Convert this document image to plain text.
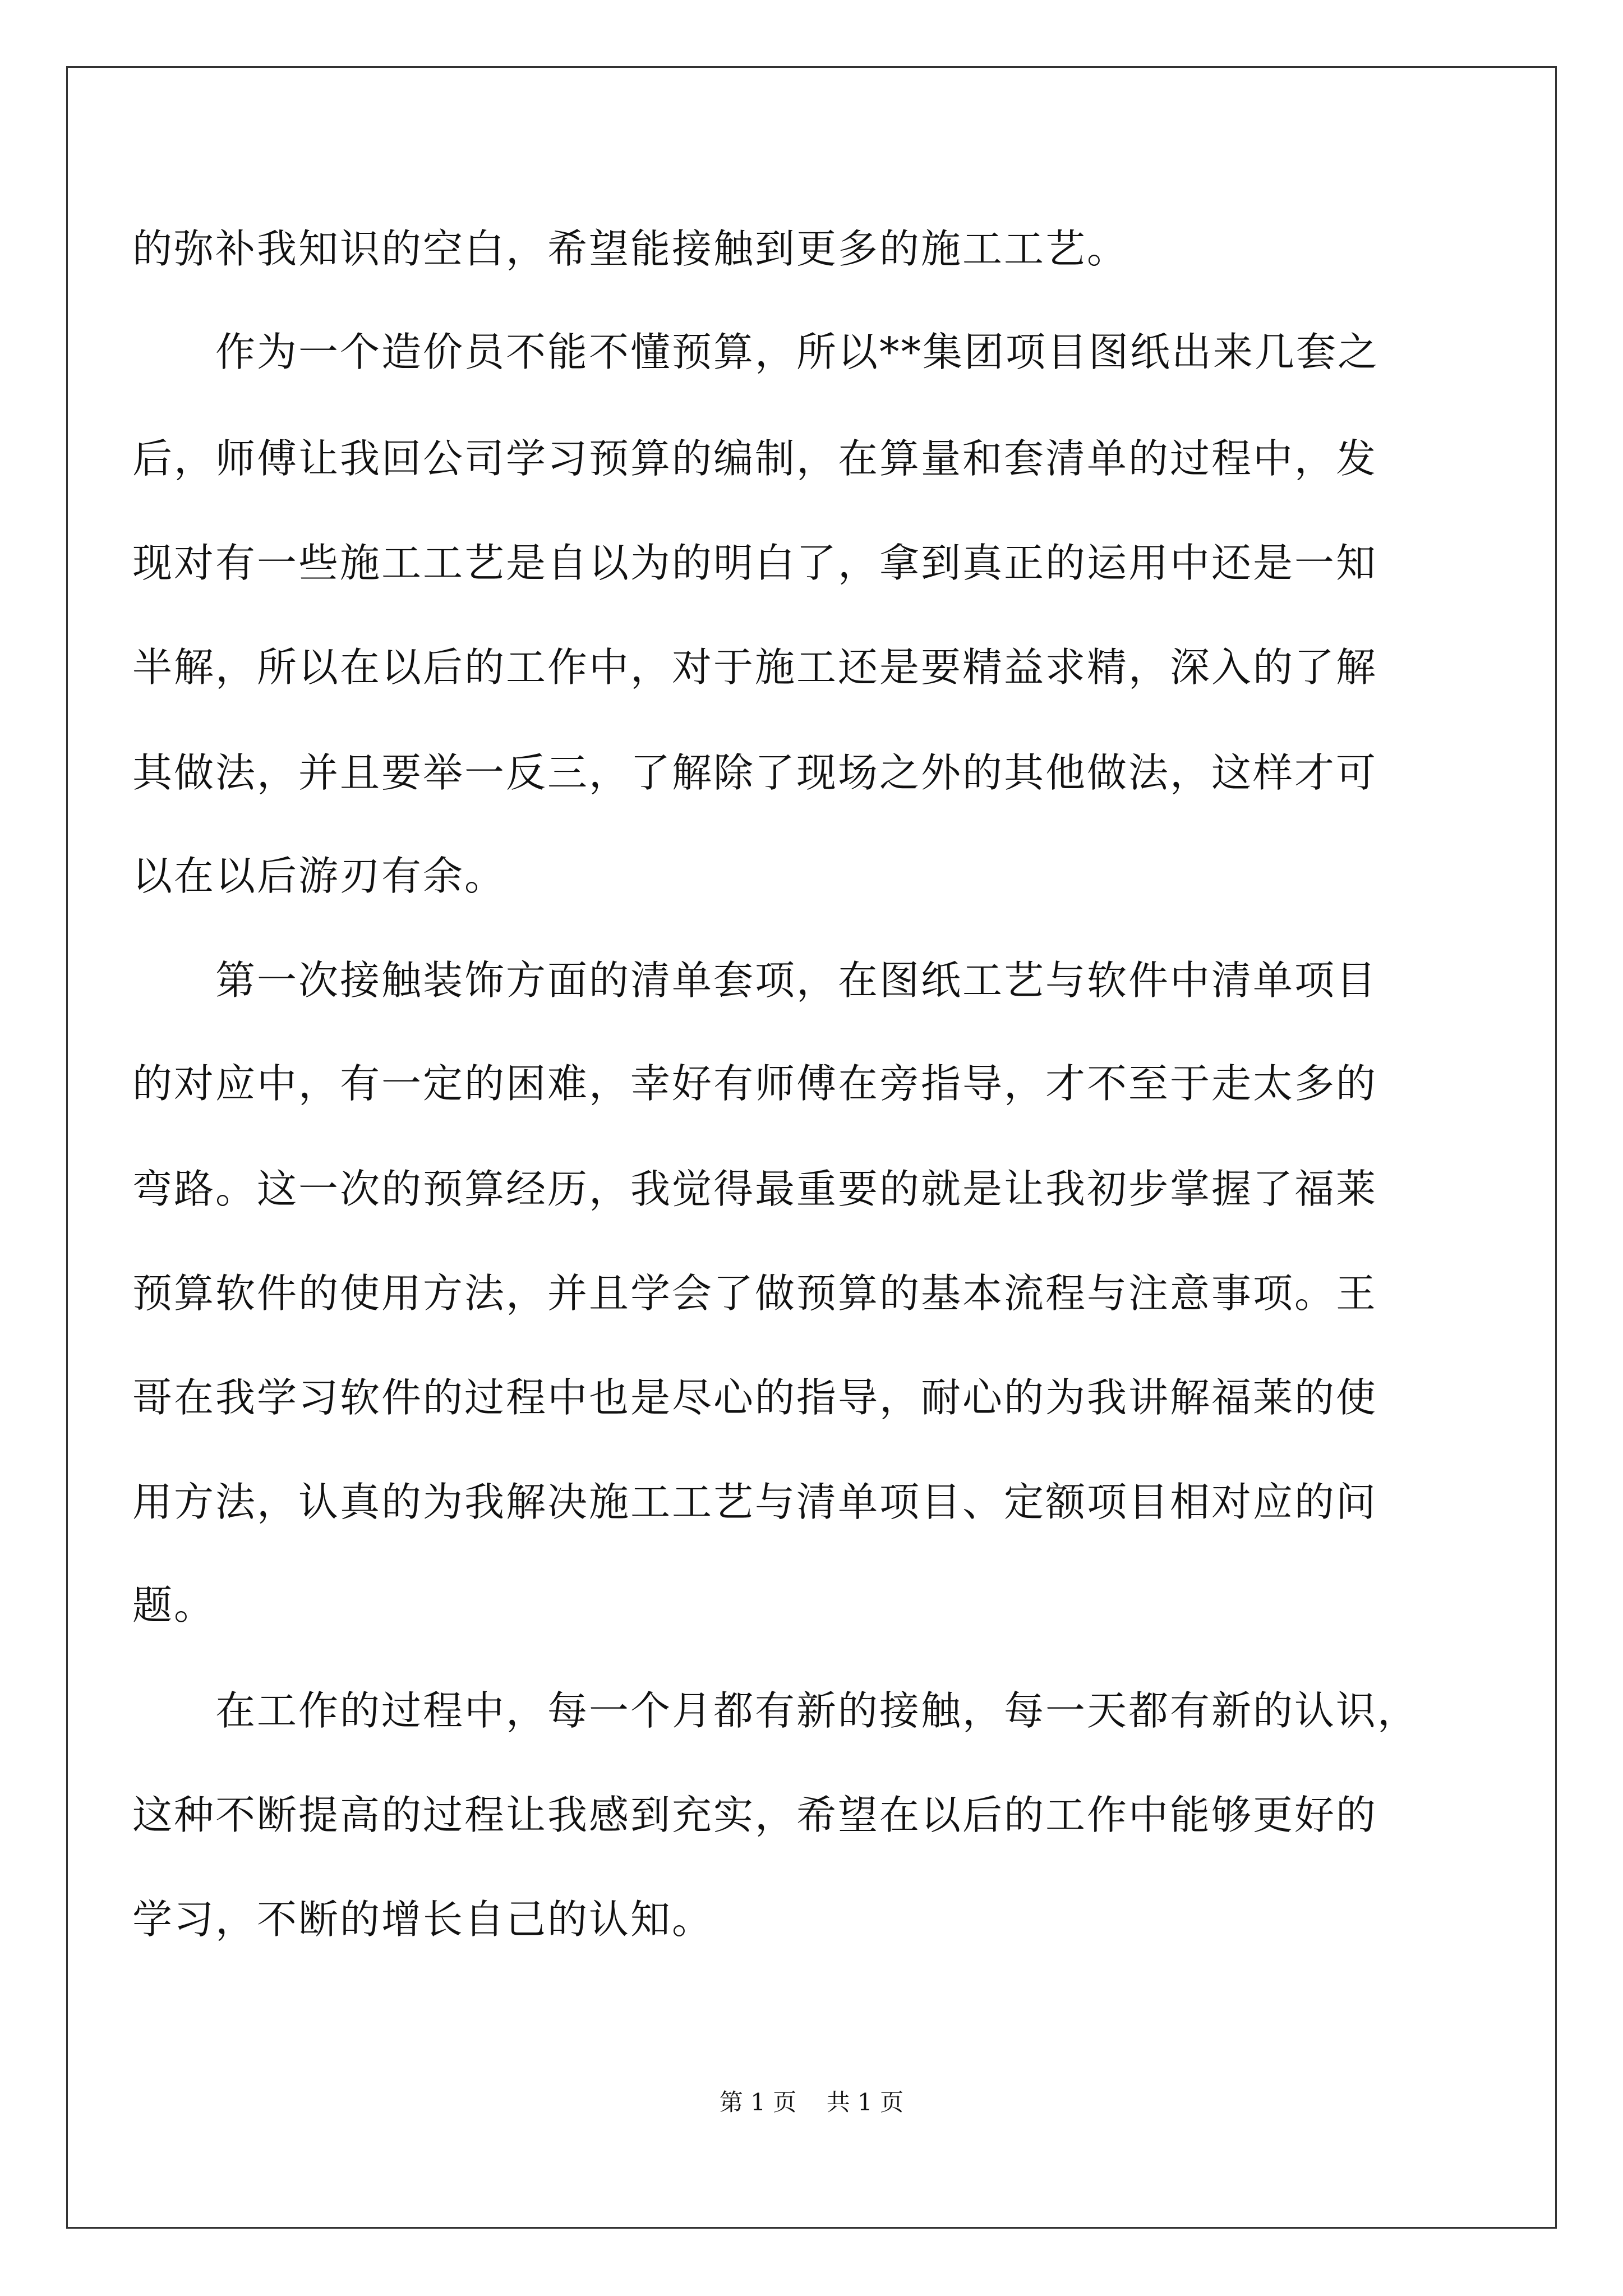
的弥补我知识的空白，希望能接触到更多的施工工艺。
作为一个造价员不能不懂预算，所以**集团项目图纸出来几套之
后，师傅让我回公司学习预算的编制，在算量和套清单的过程中，发
现对有一些施工工艺是自以为的明白了，拿到真正的运用中还是一知
半解，所以在以后的工作中，对于施工还是要精益求精，深入的了解
其做法，并且要举一反三，了解除了现场之外的其他做法，这样才可
以在以后游刃有余。
第一次接触装饰方面的清单套项，在图纸工艺与软件中清单项目
的对应中，有一定的困难，幸好有师傅在旁指导，才不至于走太多的
弯路。这一次的预算经历，我觉得最重要的就是让我初步掌握了福莱
预算软件的使用方法，并且学会了做预算的基本流程与注意事项。王
哥在我学习软件的过程中也是尽心的指导，耐心的为我讲解福莱的使
用方法，认真的为我解决施工工艺与清单项目、定额项目相对应的问
题。
在工作的过程中，每一个月都有新的接触，每一天都有新的认识，
这种不断提高的过程让我感到充实，希望在以后的工作中能够更好的
学习，不断的增长自己的认知。
第 1 页    共 1 页
